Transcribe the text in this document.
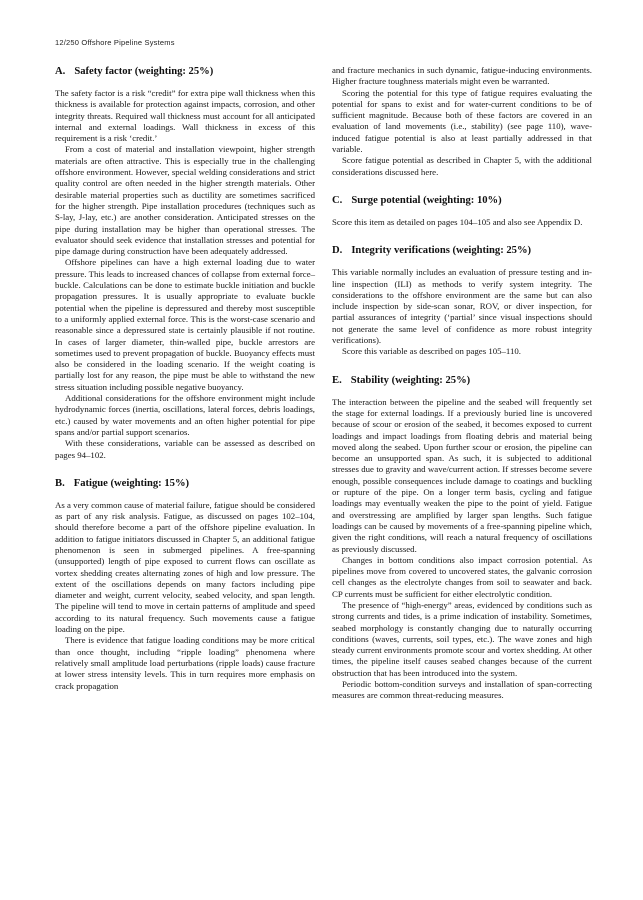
12/250 Offshore Pipeline Systems
A. Safety factor (weighting: 25%)

The safety factor is a risk “credit” for extra pipe wall thickness when this thickness is available for protection against impacts, corrosion, and other integrity threats. Required wall thickness must account for all anticipated internal and external loadings. Wall thickness in excess of this requirement is a risk ‘credit.’

From a cost of material and installation viewpoint, higher strength materials are often attractive. This is especially true in the challenging offshore environment. However, special welding considerations and strict quality control are often needed in the higher strength materials. Other desirable material properties such as ductility are sometimes sacrificed for the higher strength. Pipe installation procedures (techniques such as S-lay, J-lay, etc.) are another consideration. Anticipated stresses on the pipe during installation may be higher than operational stresses. The evaluator should seek evidence that installation stresses and potential for pipe damage during construction have been adequately addressed.

Offshore pipelines can have a high external loading due to water pressure. This leads to increased chances of collapse from external force–buckle. Calculations can be done to estimate buckle initiation and buckle propagation pressures. It is usually appropriate to evaluate buckle potential when the pipeline is depressured and thereby most susceptible to a uniformly applied external force. This is the worst-case scenario and reasonable since a depressured state is certainly plausible if not routine. In cases of larger diameter, thin-walled pipe, buckle arrestors are sometimes used to prevent propagation of buckle. Buoyancy effects must also be considered in the loading scenario. If the weight coating is partially lost for any reason, the pipe must be able to withstand the new stress situation including possible negative buoyancy.

Additional considerations for the offshore environment might include hydrodynamic forces (inertia, oscillations, lateral forces, debris loadings, etc.) caused by water movements and an often higher potential for pipe spans and/or partial support scenarios.

With these considerations, variable can be assessed as described on pages 94–102.

B. Fatigue (weighting: 15%)

As a very common cause of material failure, fatigue should be considered as part of any risk analysis. Fatigue, as discussed on pages 102–104, should therefore become a part of the offshore pipeline evaluation. In addition to fatigue initiators discussed in Chapter 5, an additional fatigue phenomenon is seen in submerged pipelines. A free-spanning (unsupported) length of pipe exposed to current flows can oscillate as vortex shedding creates alternating zones of high and low pressure. The extent of the oscillations depends on many factors including pipe diameter and weight, current velocity, seabed velocity, and span length. The pipeline will tend to move in certain patterns of amplitude and speed according to its natural frequency. Such movements cause a fatigue loading on the pipe.

There is evidence that fatigue loading conditions may be more critical than once thought, including “ripple loading” phenomena where relatively small amplitude load perturbations (ripple loads) cause fracture at lower stress intensity levels. This in turn requires more emphasis on crack propagation

and fracture mechanics in such dynamic, fatigue-inducing environments. Higher fracture toughness materials might even be warranted.

Scoring the potential for this type of fatigue requires evaluating the potential for spans to exist and for water-current conditions to be of sufficient magnitude. Because both of these factors are covered in an evaluation of land movements (i.e., stability) (see page 110), wave-induced fatigue potential is also at least partially addressed in that variable.

Score fatigue potential as described in Chapter 5, with the additional considerations discussed here.

C. Surge potential (weighting: 10%)

Score this item as detailed on pages 104–105 and also see Appendix D.

D. Integrity verifications (weighting: 25%)

This variable normally includes an evaluation of pressure testing and in-line inspection (ILI) as methods to verify system integrity. The considerations to the offshore environment are the same but can also include inspection by side-scan sonar, ROV, or diver inspection, for partial assurances of integrity (‘partial’ since visual inspections should not generate the same level of confidence as more robust integrity verifications).

Score this variable as described on pages 105–110.

E. Stability (weighting: 25%)

The interaction between the pipeline and the seabed will frequently set the stage for external loadings. If a previously buried line is uncovered because of scour or erosion of the seabed, it becomes exposed to current loadings and impact loadings from floating debris and material being moved along the seabed. Upon further scour or erosion, the pipeline can become an unsupported span. As such, it is subjected to additional stresses due to gravity and wave/current action. If stresses become severe enough, possible consequences include damage to coatings and buckling or rupture of the pipe. On a longer term basis, cycling and fatigue loadings may eventually weaken the pipe to the point of yield. Fatigue and overstressing are amplified by larger span lengths. Such fatigue loadings can be caused by movements of a free-spanning pipeline which, given the right conditions, will reach a natural frequency of oscillations as previously discussed.

Changes in bottom conditions also impact corrosion potential. As pipelines move from covered to uncovered states, the galvanic corrosion cell changes as the electrolyte changes from soil to seawater and back. CP currents must be sufficient for either electrolytic condition.

The presence of “high-energy” areas, evidenced by conditions such as strong currents and tides, is a prime indication of instability. Sometimes, seabed morphology is constantly changing due to naturally occurring conditions (waves, currents, soil types, etc.). The wave zones and high steady current environments promote scour and vortex shedding. At other times, the pipeline itself causes seabed changes because of the current obstruction that has been introduced into the system.

Periodic bottom-condition surveys and installation of span-correcting measures are common threat-reducing measures.
